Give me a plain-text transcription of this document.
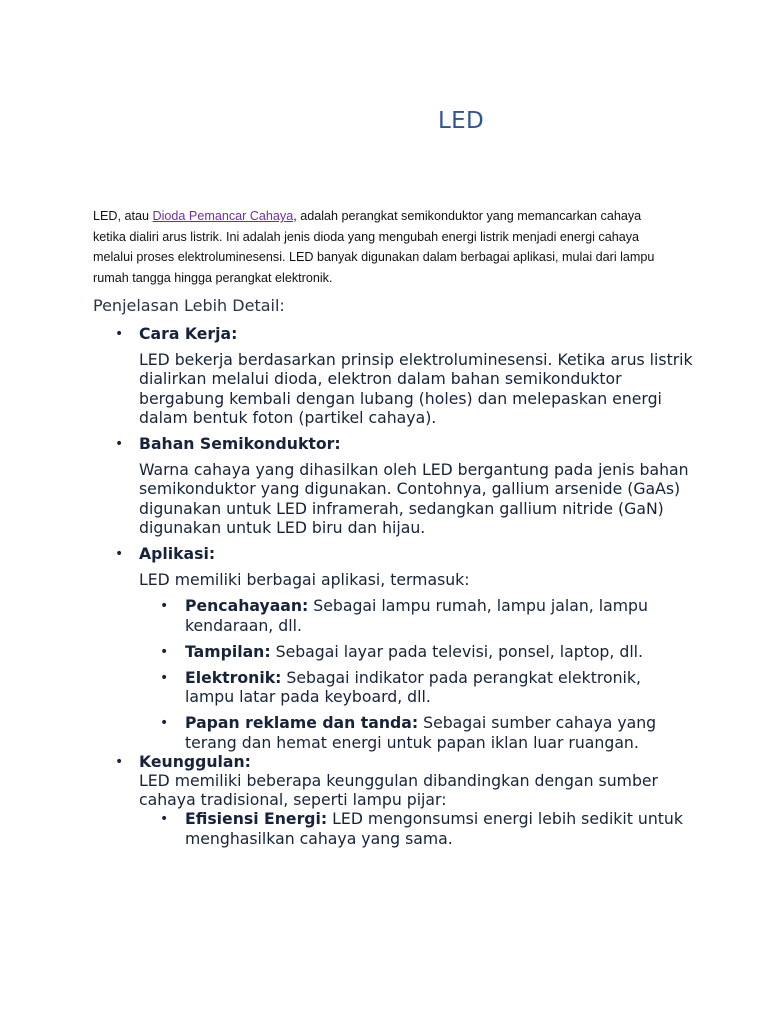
LED

LED, atau Dioda Pemancar Cahaya, adalah perangkat semikonduktor yang memancarkan cahaya ketika dialiri arus listrik. Ini adalah jenis dioda yang mengubah energi listrik menjadi energi cahaya melalui proses elektroluminesensi. LED banyak digunakan dalam berbagai aplikasi, mulai dari lampu rumah tangga hingga perangkat elektronik.

Penjelasan Lebih Detail:
• Cara Kerja:
LED bekerja berdasarkan prinsip elektroluminesensi. Ketika arus listrik dialirkan melalui dioda, elektron dalam bahan semikonduktor bergabung kembali dengan lubang (holes) dan melepaskan energi dalam bentuk foton (partikel cahaya).
• Bahan Semikonduktor:
Warna cahaya yang dihasilkan oleh LED bergantung pada jenis bahan semikonduktor yang digunakan. Contohnya, gallium arsenide (GaAs) digunakan untuk LED inframerah, sedangkan gallium nitride (GaN) digunakan untuk LED biru dan hijau.
• Aplikasi:
LED memiliki berbagai aplikasi, termasuk:
• Pencahayaan: Sebagai lampu rumah, lampu jalan, lampu kendaraan, dll.
• Tampilan: Sebagai layar pada televisi, ponsel, laptop, dll.
• Elektronik: Sebagai indikator pada perangkat elektronik, lampu latar pada keyboard, dll.
• Papan reklame dan tanda: Sebagai sumber cahaya yang terang dan hemat energi untuk papan iklan luar ruangan.
• Keunggulan:
LED memiliki beberapa keunggulan dibandingkan dengan sumber cahaya tradisional, seperti lampu pijar:
• Efisiensi Energi: LED mengonsumsi energi lebih sedikit untuk menghasilkan cahaya yang sama.
